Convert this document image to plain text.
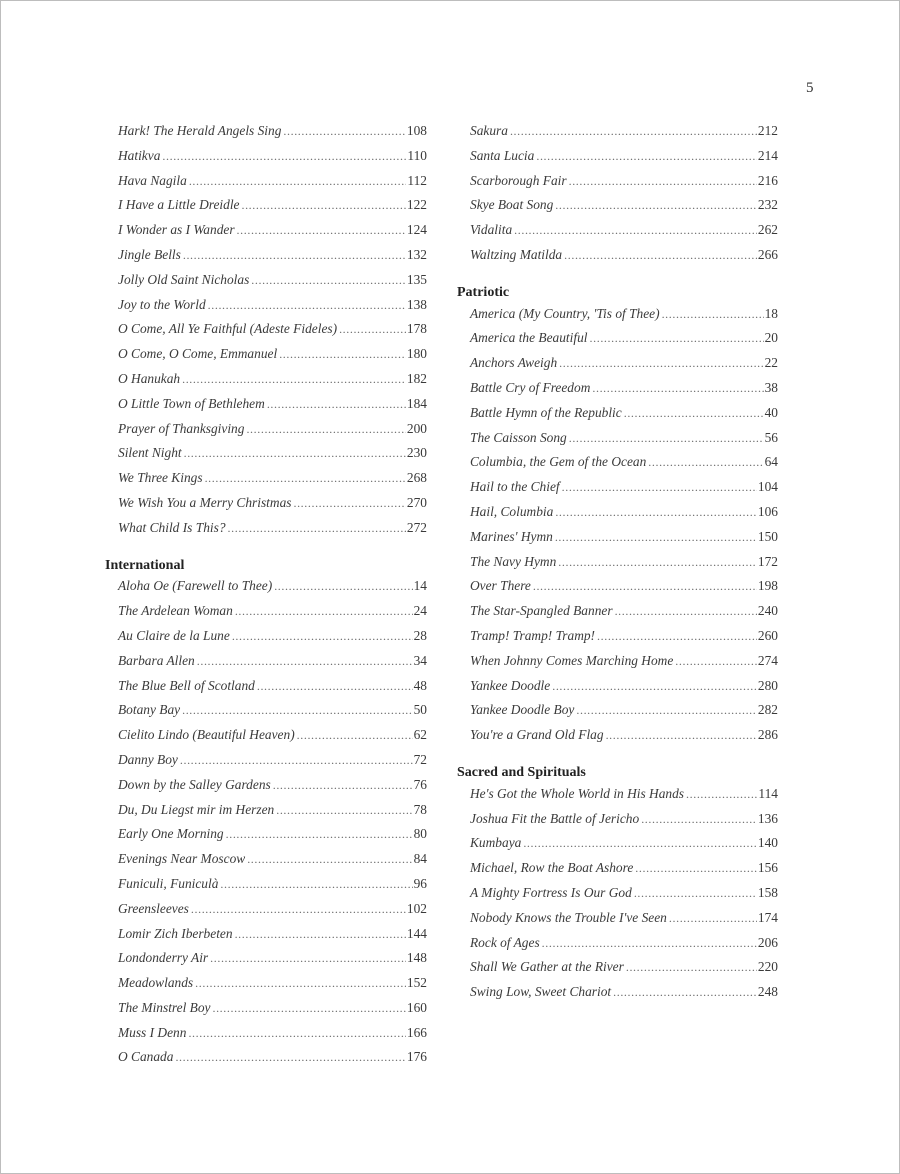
5
Hark! The Herald Angels Sing .....	108
Hatikva .....	110
Hava Nagila .....	112
I Have a Little Dreidle .....	122
I Wonder as I Wander .....	124
Jingle Bells .....	132
Jolly Old Saint Nicholas .....	135
Joy to the World .....	138
O Come, All Ye Faithful (Adeste Fideles) .....	178
O Come, O Come, Emmanuel .....	180
O Hanukah .....	182
O Little Town of Bethlehem .....	184
Prayer of Thanksgiving .....	200
Silent Night .....	230
We Three Kings .....	268
We Wish You a Merry Christmas .....	270
What Child Is This? .....	272
International
Aloha Oe (Farewell to Thee) .....	14
The Ardelean Woman .....	24
Au Claire de la Lune .....	28
Barbara Allen .....	34
The Blue Bell of Scotland .....	48
Botany Bay .....	50
Cielito Lindo (Beautiful Heaven) .....	62
Danny Boy .....	72
Down by the Salley Gardens .....	76
Du, Du Liegst mir im Herzen .....	78
Early One Morning .....	80
Evenings Near Moscow .....	84
Funiculi, Funiculà .....	96
Greensleeves .....	102
Lomir Zich Iberbeten .....	144
Londonderry Air .....	148
Meadowlands .....	152
The Minstrel Boy .....	160
Muss I Denn .....	166
O Canada .....	176
Sakura .....	212
Santa Lucia .....	214
Scarborough Fair .....	216
Skye Boat Song .....	232
Vidalita .....	262
Waltzing Matilda .....	266
Patriotic
America (My Country, 'Tis of Thee) .....	18
America the Beautiful .....	20
Anchors Aweigh .....	22
Battle Cry of Freedom .....	38
Battle Hymn of the Republic .....	40
The Caisson Song .....	56
Columbia, the Gem of the Ocean .....	64
Hail to the Chief .....	104
Hail, Columbia .....	106
Marines' Hymn .....	150
The Navy Hymn .....	172
Over There .....	198
The Star-Spangled Banner .....	240
Tramp! Tramp! Tramp! .....	260
When Johnny Comes Marching Home .....	274
Yankee Doodle .....	280
Yankee Doodle Boy .....	282
You're a Grand Old Flag .....	286
Sacred and Spirituals
He's Got the Whole World in His Hands .....	114
Joshua Fit the Battle of Jericho .....	136
Kumbaya .....	140
Michael, Row the Boat Ashore .....	156
A Mighty Fortress Is Our God .....	158
Nobody Knows the Trouble I've Seen .....	174
Rock of Ages .....	206
Shall We Gather at the River .....	220
Swing Low, Sweet Chariot .....	248
